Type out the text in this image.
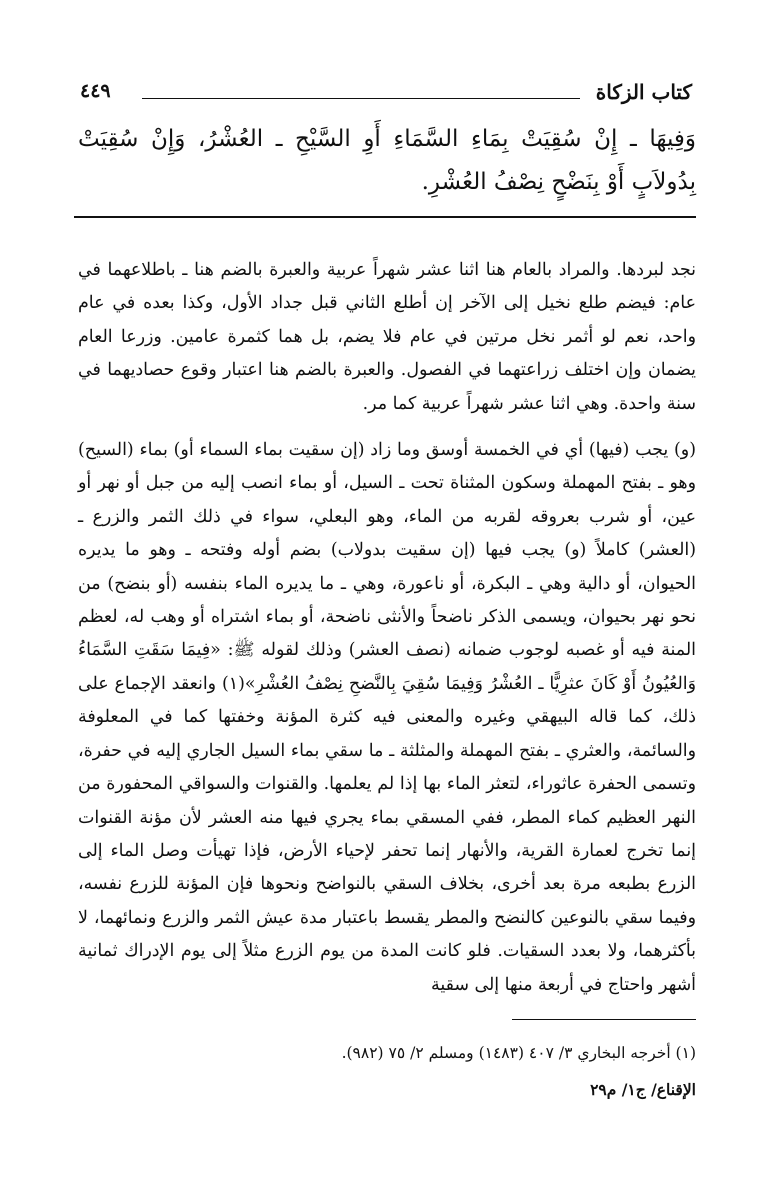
كتاب الزكاة
٤٤٩
وَفِيهَا ـ إِنْ سُقِيَتْ بِمَاءِ السَّمَاءِ أَوِ السَّيْحِ ـ العُشْرُ، وَإِنْ سُقِيَتْ بِدُولاَبٍ أَوْ بِنَضْحٍ نِصْفُ العُشْرِ.

نجد لبردها. والمراد بالعام هنا اثنا عشر شهراً عربية والعبرة بالضم هنا ـ باطلاعهما في عام: فيضم طلع نخيل إلى الآخر إن أطلع الثاني قبل جداد الأول، وكذا بعده في عام واحد، نعم لو أثمر نخل مرتين في عام فلا يضم، بل هما كثمرة عامين. وزرعا العام يضمان وإن اختلف زراعتهما في الفصول. والعبرة بالضم هنا اعتبار وقوع حصاديهما في سنة واحدة. وهي اثنا عشر شهراً عربية كما مر.

(و) يجب (فيها) أي في الخمسة أوسق وما زاد (إن سقيت بماء السماء أو) بماء (السيح) وهو ـ بفتح المهملة وسكون المثناة تحت ـ السيل، أو بماء انصب إليه من جبل أو نهر أو عين، أو شرب بعروقه لقربه من الماء، وهو البعلي، سواء في ذلك الثمر والزرع ـ (العشر) كاملاً (و) يجب فيها (إن سقيت بدولاب) بضم أوله وفتحه ـ وهو ما يديره الحيوان، أو دالية وهي ـ البكرة، أو ناعورة، وهي ـ ما يديره الماء بنفسه (أو بنضح) من نحو نهر بحيوان، ويسمى الذكر ناضحاً والأنثى ناضحة، أو بماء اشتراه أو وهب له، لعظم المنة فيه أو غصبه لوجوب ضمانه (نصف العشر) وذلك لقوله ﷺ: «فِيمَا سَقَتِ السَّمَاءُ وَالعُيُونُ أَوْ كَانَ عثرِيًّا ـ العُشْرُ وَفِيمَا سُقِيَ بِالنَّضحِ نِصْفُ العُشْرِ»(١) وانعقد الإجماع على ذلك، كما قاله البيهقي وغيره والمعنى فيه كثرة المؤنة وخفتها كما في المعلوفة والسائمة، والعثري ـ بفتح المهملة والمثلثة ـ ما سقي بماء السيل الجاري إليه في حفرة، وتسمى الحفرة عاثوراء، لتعثر الماء بها إذا لم يعلمها. والقنوات والسواقي المحفورة من النهر العظيم كماء المطر، ففي المسقي بماء يجري فيها منه العشر لأن مؤنة القنوات إنما تخرج لعمارة القرية، والأنهار إنما تحفر لإحياء الأرض، فإذا تهيأت وصل الماء إلى الزرع بطبعه مرة بعد أخرى، بخلاف السقي بالنواضح ونحوها فإن المؤنة للزرع نفسه، وفيما سقي بالنوعين كالنضح والمطر يقسط باعتبار مدة عيش الثمر والزرع ونمائهما، لا بأكثرهما، ولا بعدد السقيات. فلو كانت المدة من يوم الزرع مثلاً إلى يوم الإدراك ثمانية أشهر واحتاج في أربعة منها إلى سقية

(١) أخرجه البخاري ٣/ ٤٠٧ (١٤٨٣) ومسلم ٢/ ٧٥ (٩٨٢).
الإقناع/ ج١/ م٢٩
